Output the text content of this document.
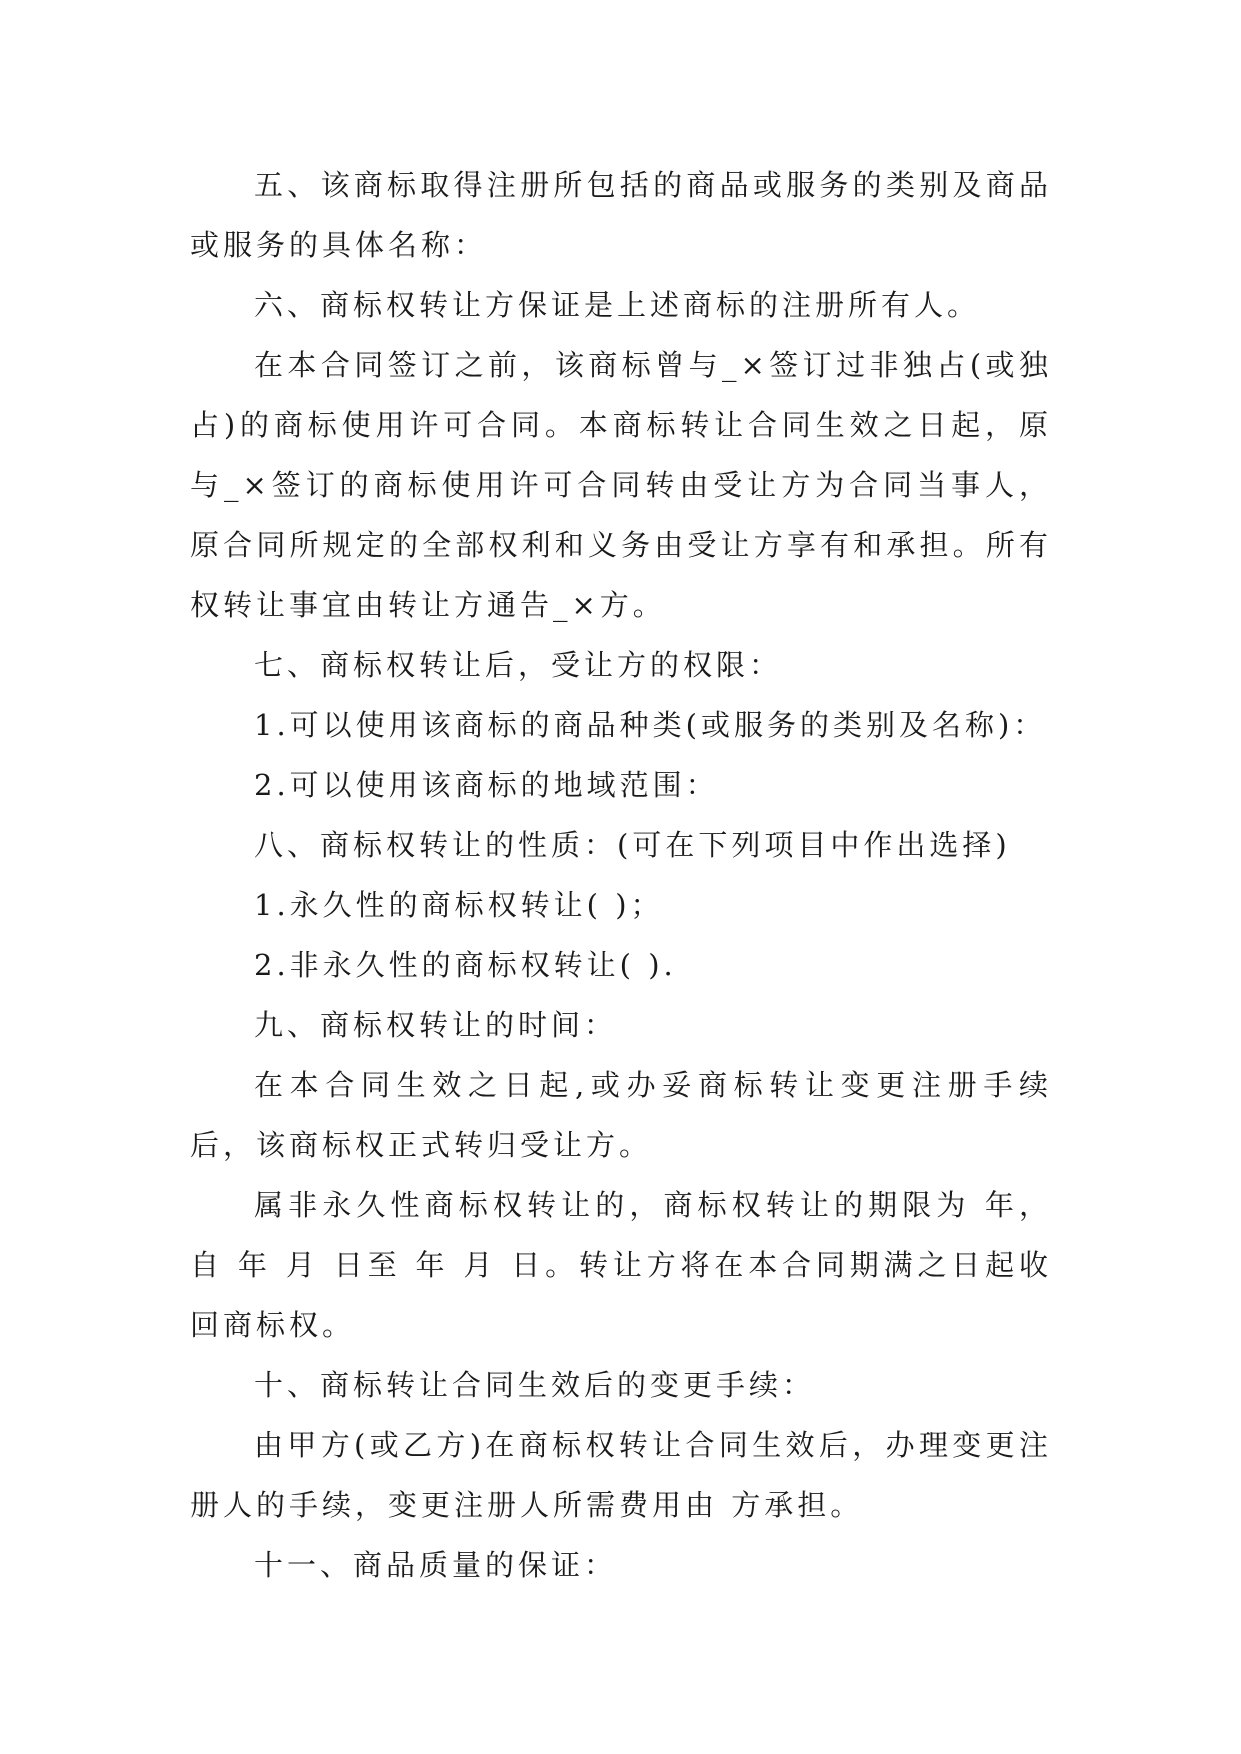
五、该商标取得注册所包括的商品或服务的类别及商品或服务的具体名称：

六、商标权转让方保证是上述商标的注册所有人。

在本合同签订之前，该商标曾与_×签订过非独占(或独占)的商标使用许可合同。本商标转让合同生效之日起，原与_×签订的商标使用许可合同转由受让方为合同当事人，原合同所规定的全部权利和义务由受让方享有和承担。所有权转让事宜由转让方通告_×方。

七、商标权转让后，受让方的权限：

1.可以使用该商标的商品种类(或服务的类别及名称)：

2.可以使用该商标的地域范围：

八、商标权转让的性质：(可在下列项目中作出选择)

1.永久性的商标权转让( )；

2.非永久性的商标权转让( ).

九、商标权转让的时间：

在本合同生效之日起,或办妥商标转让变更注册手续后，该商标权正式转归受让方。

属非永久性商标权转让的，商标权转让的期限为 年，自 年 月 日至 年 月 日。转让方将在本合同期满之日起收回商标权。

十、商标转让合同生效后的变更手续：

由甲方(或乙方)在商标权转让合同生效后，办理变更注册人的手续，变更注册人所需费用由 方承担。

十一、商品质量的保证：
